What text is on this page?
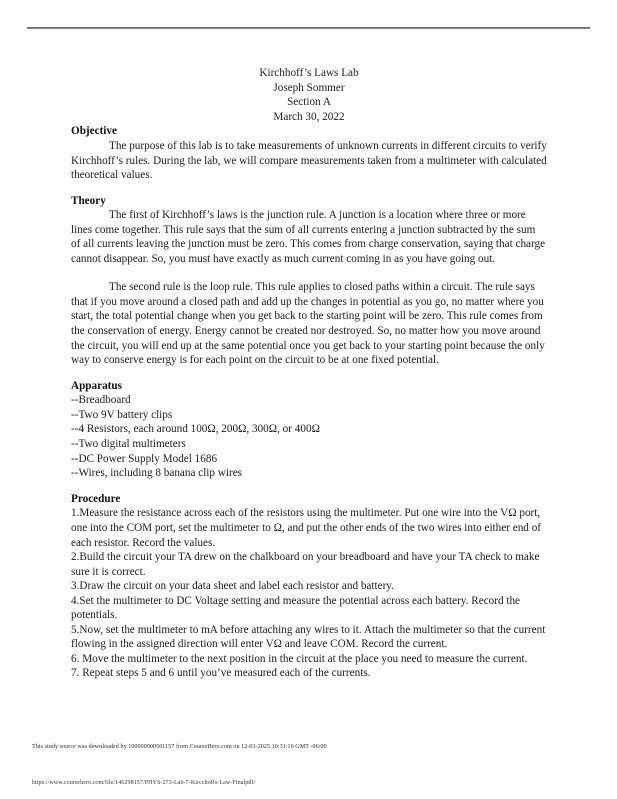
Kirchhoff’s Laws Lab
Joseph Sommer
Section A
March 30, 2022
Objective

The purpose of this lab is to take measurements of unknown currents in different circuits to verify Kirchhoff’s rules. During the lab, we will compare measurements taken from a multimeter with calculated theoretical values.

Theory

The first of Kirchhoff’s laws is the junction rule. A junction is a location where three or more lines come together. This rule says that the sum of all currents entering a junction subtracted by the sum of all currents leaving the junction must be zero. This comes from charge conservation, saying that charge cannot disappear. So, you must have exactly as much current coming in as you have going out.

The second rule is the loop rule. This rule applies to closed paths within a circuit. The rule says that if you move around a closed path and add up the changes in potential as you go, no matter where you start, the total potential change when you get back to the starting point will be zero. This rule comes from the conservation of energy. Energy cannot be created nor destroyed. So, no matter how you move around the circuit, you will end up at the same potential once you get back to your starting point because the only way to conserve energy is for each point on the circuit to be at one fixed potential.

Apparatus
--Breadboard
--Two 9V battery clips
--4 Resistors, each around 100Ω, 200Ω, 300Ω, or 400Ω
--Two digital multimeters
--DC Power Supply Model 1686
--Wires, including 8 banana clip wires
Procedure
1.Measure the resistance across each of the resistors using the multimeter. Put one wire into the VΩ port, one into the COM port, set the multimeter to Ω, and put the other ends of the two wires into either end of each resistor. Record the values.
2.Build the circuit your TA drew on the chalkboard on your breadboard and have your TA check to make sure it is correct.
3.Draw the circuit on your data sheet and label each resistor and battery.
4.Set the multimeter to DC Voltage setting and measure the potential across each battery. Record the potentials.
5.Now, set the multimeter to mA before attaching any wires to it. Attach the multimeter so that the current flowing in the assigned direction will enter VΩ and leave COM. Record the current.
6. Move the multimeter to the next position in the circuit at the place you need to measure the current.
7. Repeat steps 5 and 6 until you’ve measured each of the currents.
This study source was downloaded by 100000900501157 from CourseHero.com on 12-03-2025 10:31:16 GMT -06:00
https://www.coursehero.com/file/146298157/PHYS-273-Lab-7-Kircchoffs-Law-Finalpdf/
